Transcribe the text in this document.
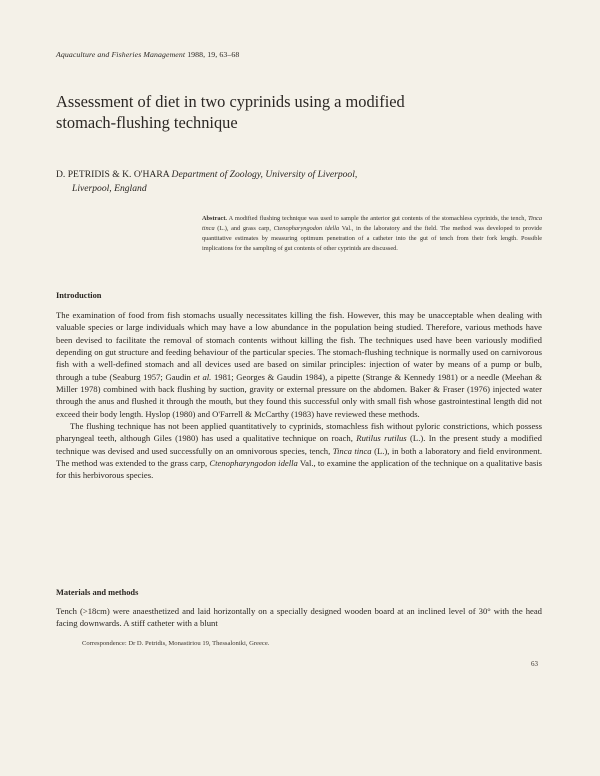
Aquaculture and Fisheries Management 1988, 19, 63–68
Assessment of diet in two cyprinids using a modified
stomach-flushing technique
D. PETRIDIS & K. O'HARA Department of Zoology, University of Liverpool,
Liverpool, England
Abstract. A modified flushing technique was used to sample the anterior gut contents of the stomachless cyprinids, the tench, Tinca tinca (L.), and grass carp, Ctenopharyngodon idella Val., in the laboratory and the field. The method was developed to provide quantitative estimates by measuring optimum penetration of a catheter into the gut of tench from their fork length. Possible implications for the sampling of gut contents of other cyprinids are discussed.
Introduction

The examination of food from fish stomachs usually necessitates killing the fish. However, this may be unacceptable when dealing with valuable species or large individuals which may have a low abundance in the population being studied. Therefore, various methods have been devised to facilitate the removal of stomach contents without killing the fish. The techniques used have been variously modified depending on gut structure and feeding behaviour of the particular species. The stomach-flushing technique is normally used on carnivorous fish with a well-defined stomach and all devices used are based on similar principles: injection of water by means of a pump or bulb, through a tube (Seaburg 1957; Gaudin et al. 1981; Georges & Gaudin 1984), a pipette (Strange & Kennedy 1981) or a needle (Meehan & Miller 1978) combined with back flushing by suction, gravity or external pressure on the abdomen. Baker & Fraser (1976) injected water through the anus and flushed it through the mouth, but they found this successful only with small fish whose gastrointestinal length did not exceed their body length. Hyslop (1980) and O'Farrell & McCarthy (1983) have reviewed these methods.

The flushing technique has not been applied quantitatively to cyprinids, stomachless fish without pyloric constrictions, which possess pharyngeal teeth, although Giles (1980) has used a qualitative technique on roach, Rutilus rutilus (L.). In the present study a modified technique was devised and used successfully on an omnivorous species, tench, Tinca tinca (L.), in both a laboratory and field environment. The method was extended to the grass carp, Ctenopharyngodon idella Val., to examine the application of the technique on a qualitative basis for this herbivorous species.

Materials and methods

Tench (>18cm) were anaesthetized and laid horizontally on a specially designed wooden board at an inclined level of 30° with the head facing downwards. A stiff catheter with a blunt

Correspondence: Dr D. Petridis, Monastiriou 19, Thessaloniki, Greece.
63
